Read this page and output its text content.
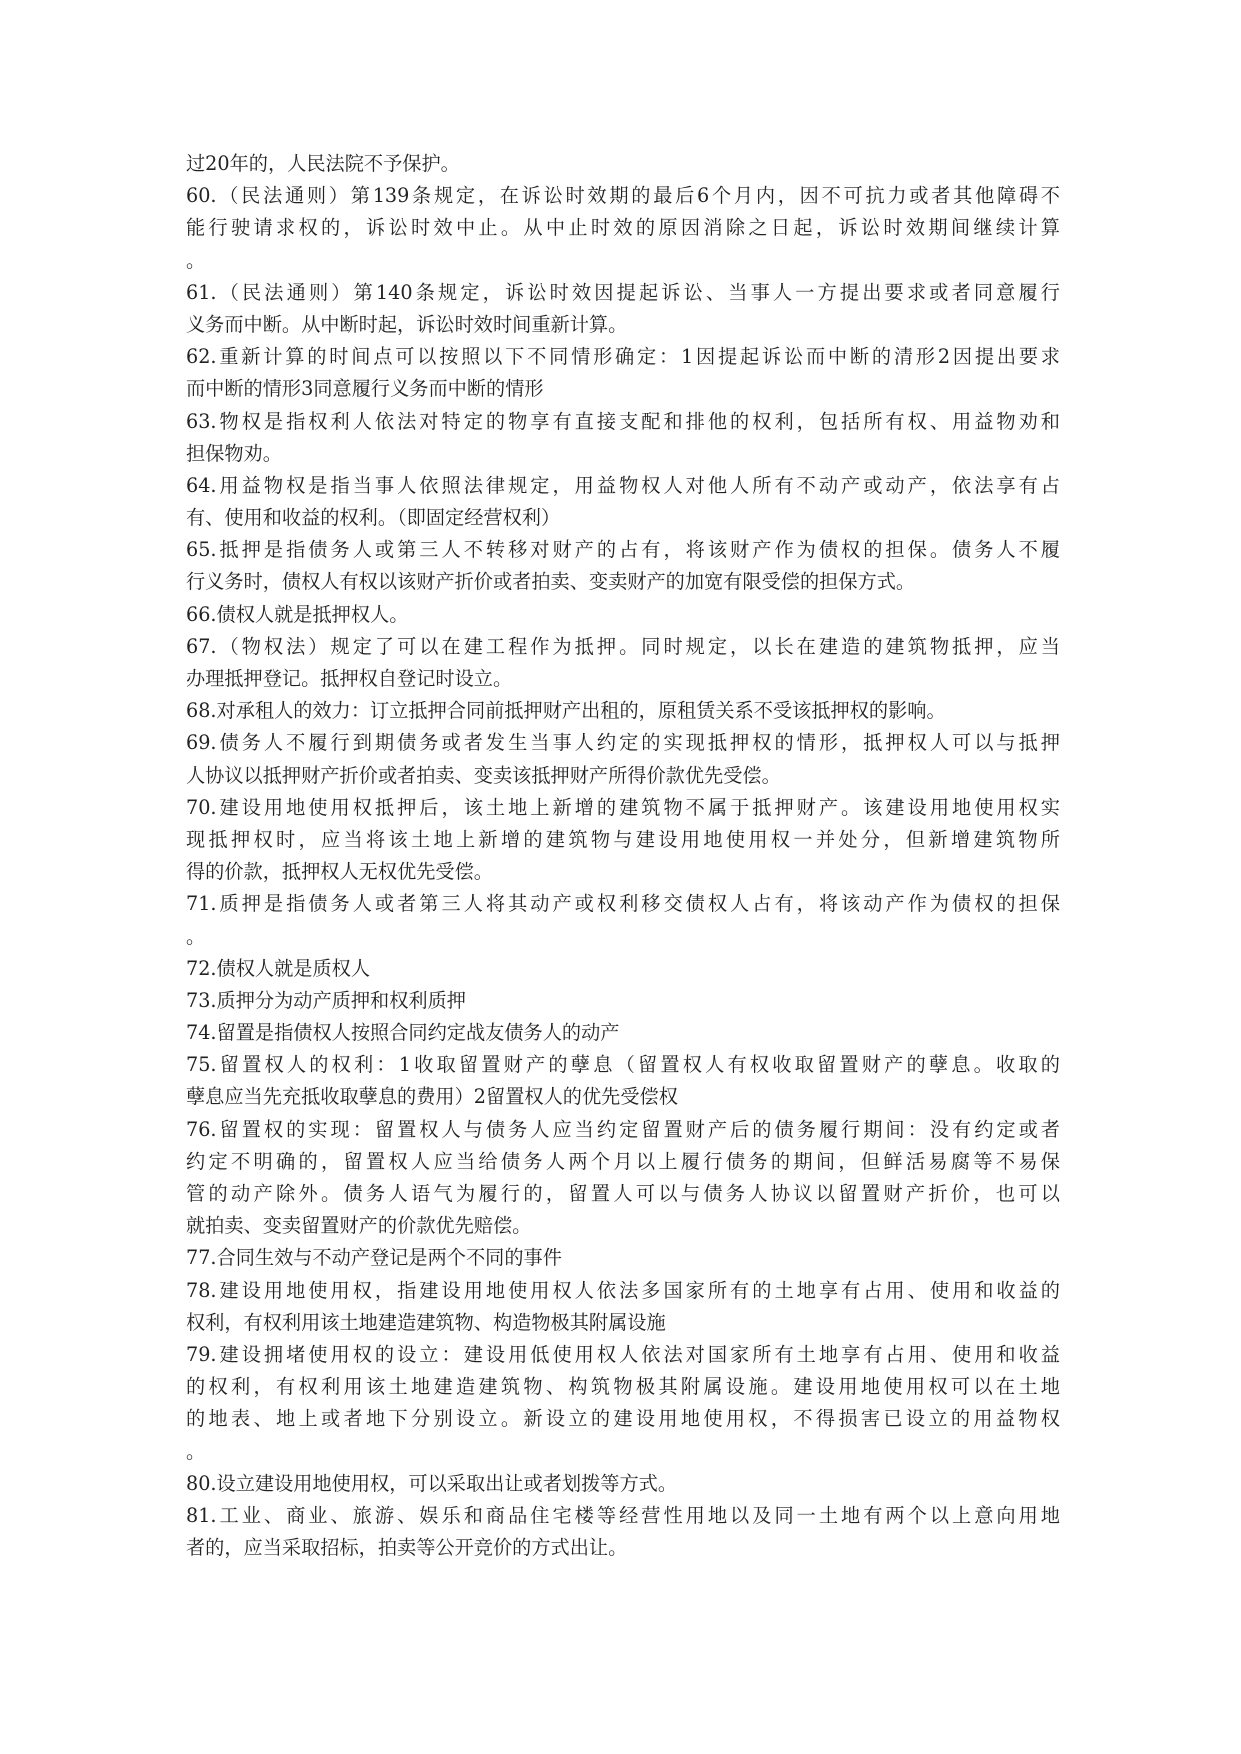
过20年的，人民法院不予保护。
60.（民法通则）第139条规定，在诉讼时效期的最后6个月内，因不可抗力或者其他障碍不
能行驶请求权的，诉讼时效中止。从中止时效的原因消除之日起，诉讼时效期间继续计算
。
61.（民法通则）第140条规定，诉讼时效因提起诉讼、当事人一方提出要求或者同意履行
义务而中断。从中断时起，诉讼时效时间重新计算。
62.重新计算的时间点可以按照以下不同情形确定：1因提起诉讼而中断的清形2因提出要求
而中断的情形3同意履行义务而中断的情形
63.物权是指权利人依法对特定的物享有直接支配和排他的权利，包括所有权、用益物劝和
担保物劝。
64.用益物权是指当事人依照法律规定，用益物权人对他人所有不动产或动产，依法享有占
有、使用和收益的权利。（即固定经营权利）
65.抵押是指债务人或第三人不转移对财产的占有，将该财产作为债权的担保。债务人不履
行义务时，债权人有权以该财产折价或者拍卖、变卖财产的加宽有限受偿的担保方式。
66.债权人就是抵押权人。
67.（物权法）规定了可以在建工程作为抵押。同时规定，以长在建造的建筑物抵押，应当
办理抵押登记。抵押权自登记时设立。
68.对承租人的效力：订立抵押合同前抵押财产出租的，原租赁关系不受该抵押权的影响。
69.债务人不履行到期债务或者发生当事人约定的实现抵押权的情形，抵押权人可以与抵押
人协议以抵押财产折价或者拍卖、变卖该抵押财产所得价款优先受偿。
70.建设用地使用权抵押后，该土地上新增的建筑物不属于抵押财产。该建设用地使用权实
现抵押权时，应当将该土地上新增的建筑物与建设用地使用权一并处分，但新增建筑物所
得的价款，抵押权人无权优先受偿。
71.质押是指债务人或者第三人将其动产或权利移交债权人占有，将该动产作为债权的担保
。
72.债权人就是质权人
73.质押分为动产质押和权利质押
74.留置是指债权人按照合同约定战友债务人的动产
75.留置权人的权利：1收取留置财产的孽息（留置权人有权收取留置财产的孽息。收取的
孽息应当先充抵收取孽息的费用）2留置权人的优先受偿权
76.留置权的实现：留置权人与债务人应当约定留置财产后的债务履行期间：没有约定或者
约定不明确的，留置权人应当给债务人两个月以上履行债务的期间，但鲜活易腐等不易保
管的动产除外。债务人语气为履行的，留置人可以与债务人协议以留置财产折价，也可以
就拍卖、变卖留置财产的价款优先赔偿。
77.合同生效与不动产登记是两个不同的事件
78.建设用地使用权，指建设用地使用权人依法多国家所有的土地享有占用、使用和收益的
权利，有权利用该土地建造建筑物、构造物极其附属设施
79.建设拥堵使用权的设立：建设用低使用权人依法对国家所有土地享有占用、使用和收益
的权利，有权利用该土地建造建筑物、构筑物极其附属设施。建设用地使用权可以在土地
的地表、地上或者地下分别设立。新设立的建设用地使用权，不得损害已设立的用益物权
。
80.设立建设用地使用权，可以采取出让或者划拨等方式。
81.工业、商业、旅游、娱乐和商品住宅楼等经营性用地以及同一土地有两个以上意向用地
者的，应当采取招标，拍卖等公开竞价的方式出让。
